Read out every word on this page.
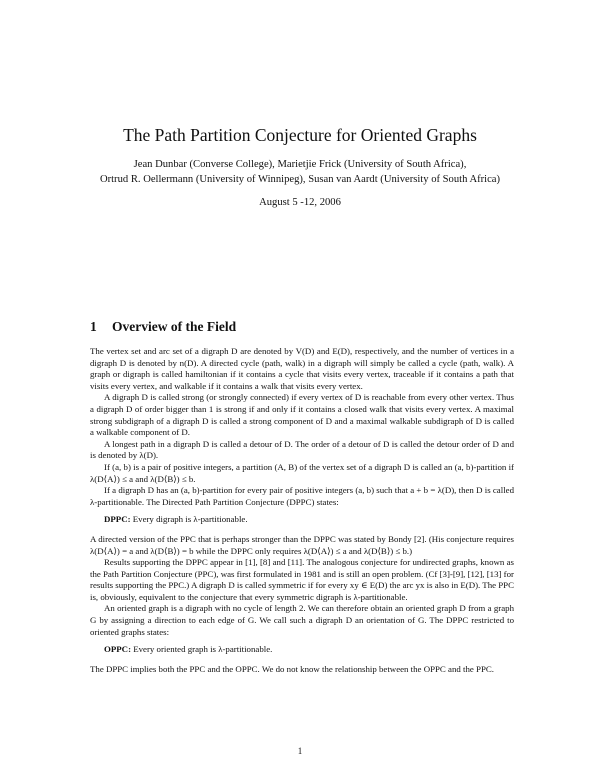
The Path Partition Conjecture for Oriented Graphs
Jean Dunbar (Converse College), Marietjie Frick (University of South Africa),
Ortrud R. Oellermann (University of Winnipeg), Susan van Aardt (University of South Africa)
August 5 -12, 2006
1 Overview of the Field

The vertex set and arc set of a digraph D are denoted by V(D) and E(D), respectively, and the number of vertices in a digraph D is denoted by n(D). A directed cycle (path, walk) in a digraph will simply be called a cycle (path, walk). A graph or digraph is called hamiltonian if it contains a cycle that visits every vertex, traceable if it contains a path that visits every vertex, and walkable if it contains a walk that visits every vertex.

A digraph D is called strong (or strongly connected) if every vertex of D is reachable from every other vertex. Thus a digraph D of order bigger than 1 is strong if and only if it contains a closed walk that visits every vertex. A maximal strong subdigraph of a digraph D is called a strong component of D and a maximal walkable subdigraph of D is called a walkable component of D.

A longest path in a digraph D is called a detour of D. The order of a detour of D is called the detour order of D and is denoted by λ(D).

If (a, b) is a pair of positive integers, a partition (A, B) of the vertex set of a digraph D is called an (a, b)-partition if λ(D⟨A⟩) ≤ a and λ(D⟨B⟩) ≤ b.

If a digraph D has an (a, b)-partition for every pair of positive integers (a, b) such that a + b = λ(D), then D is called λ-partitionable. The Directed Path Partition Conjecture (DPPC) states:

DPPC: Every digraph is λ-partitionable.

A directed version of the PPC that is perhaps stronger than the DPPC was stated by Bondy [2]. (His conjecture requires λ(D⟨A⟩) = a and λ(D⟨B⟩) = b while the DPPC only requires λ(D⟨A⟩) ≤ a and λ(D⟨B⟩) ≤ b.)

Results supporting the DPPC appear in [1], [8] and [11]. The analogous conjecture for undirected graphs, known as the Path Partition Conjecture (PPC), was first formulated in 1981 and is still an open problem. (Cf [3]-[9], [12], [13] for results supporting the PPC.) A digraph D is called symmetric if for every xy ∈ E(D) the arc yx is also in E(D). The PPC is, obviously, equivalent to the conjecture that every symmetric digraph is λ-partitionable.

An oriented graph is a digraph with no cycle of length 2. We can therefore obtain an oriented graph D from a graph G by assigning a direction to each edge of G. We call such a digraph D an orientation of G. The DPPC restricted to oriented graphs states:

OPPC: Every oriented graph is λ-partitionable.

The DPPC implies both the PPC and the OPPC. We do not know the relationship between the OPPC and the PPC.

1
